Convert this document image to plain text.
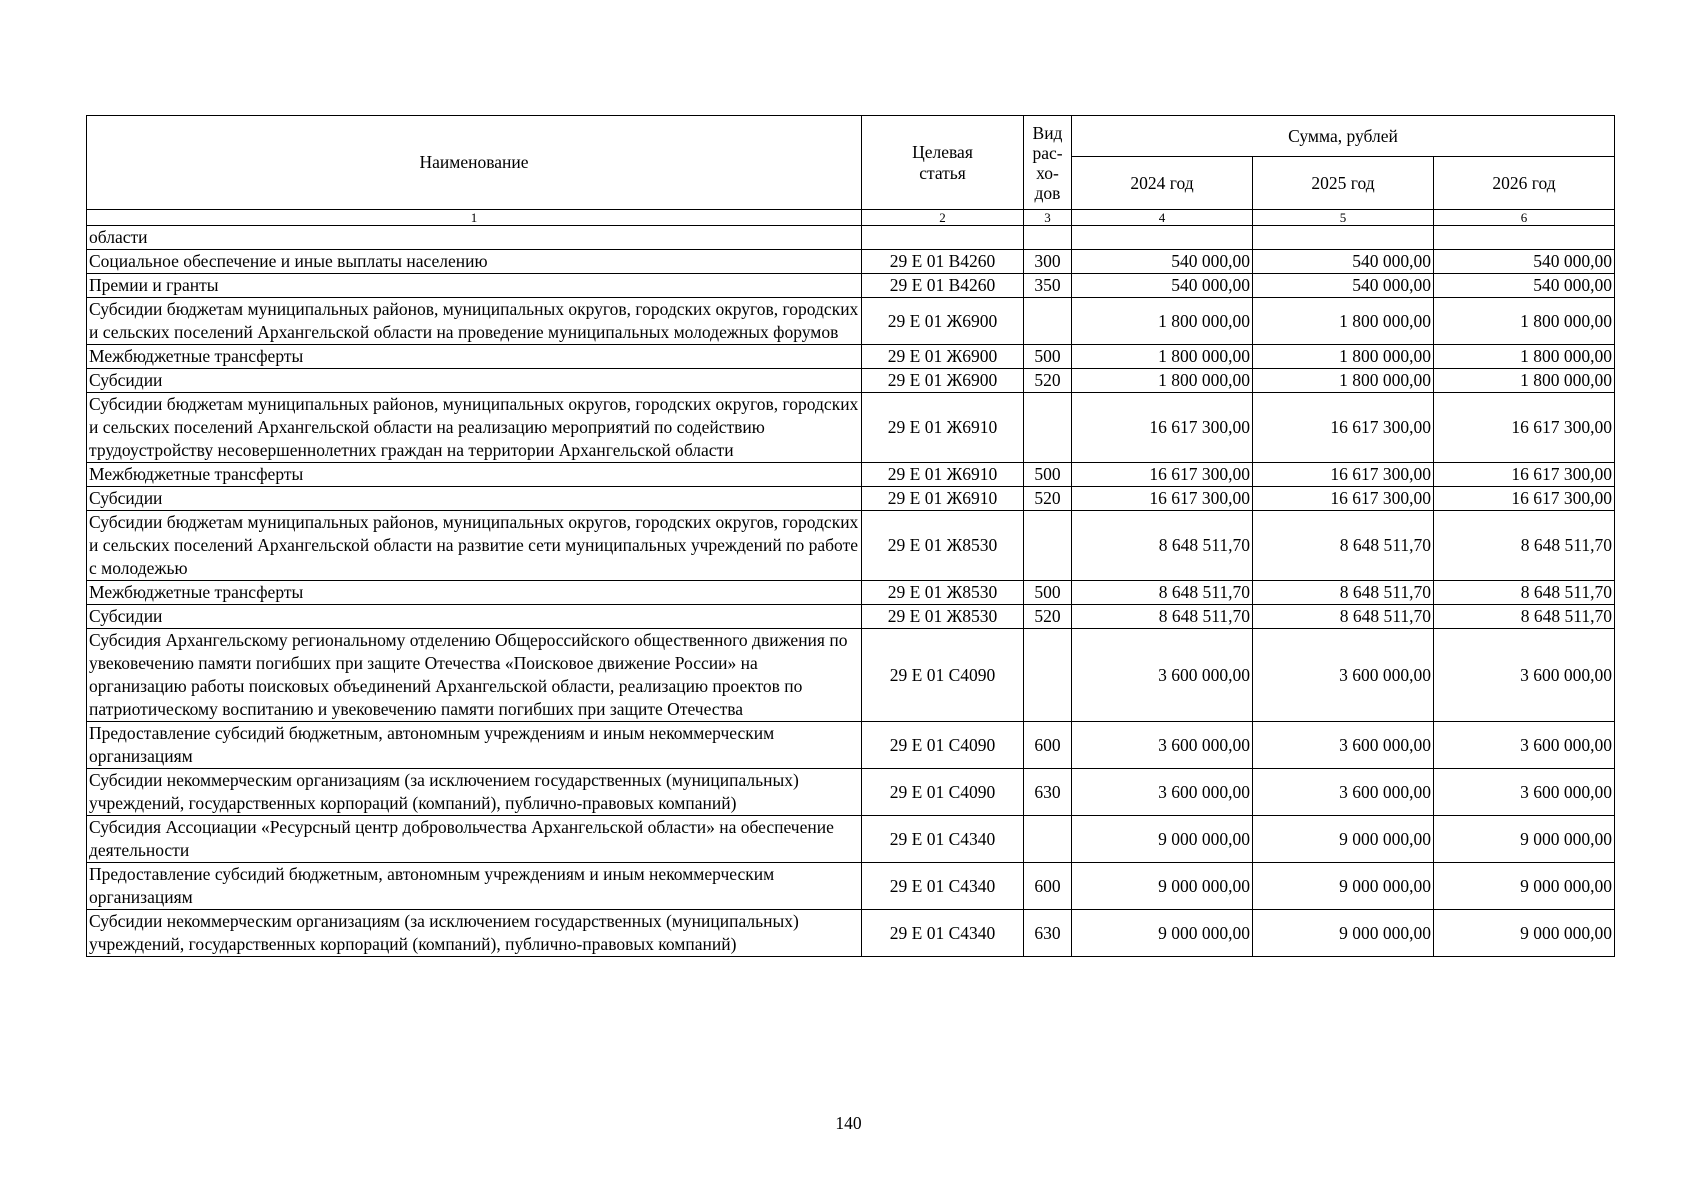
Наименование	Целевая статья	Вид рас-хо-дов	Сумма, рублей		
			2024 год	2025 год	2026 год
1	2	3	4	5	6
области					
Социальное обеспечение и иные выплаты населению	29 Е 01 В4260	300	540 000,00	540 000,00	540 000,00
Премии и гранты	29 Е 01 В4260	350	540 000,00	540 000,00	540 000,00
Субсидии бюджетам муниципальных районов, муниципальных округов, городских округов, городских и сельских поселений Архангельской области на проведение муниципальных молодежных форумов	29 Е 01 Ж6900		1 800 000,00	1 800 000,00	1 800 000,00
Межбюджетные трансферты	29 Е 01 Ж6900	500	1 800 000,00	1 800 000,00	1 800 000,00
Субсидии	29 Е 01 Ж6900	520	1 800 000,00	1 800 000,00	1 800 000,00
Субсидии бюджетам муниципальных районов, муниципальных округов, городских округов, городских и сельских поселений Архангельской области на реализацию мероприятий по содействию трудоустройству несовершеннолетних граждан на территории Архангельской области	29 Е 01 Ж6910		16 617 300,00	16 617 300,00	16 617 300,00
Межбюджетные трансферты	29 Е 01 Ж6910	500	16 617 300,00	16 617 300,00	16 617 300,00
Субсидии	29 Е 01 Ж6910	520	16 617 300,00	16 617 300,00	16 617 300,00
Субсидии бюджетам муниципальных районов, муниципальных округов, городских округов, городских и сельских поселений Архангельской области на развитие сети муниципальных учреждений по работе с молодежью	29 Е 01 Ж8530		8 648 511,70	8 648 511,70	8 648 511,70
Межбюджетные трансферты	29 Е 01 Ж8530	500	8 648 511,70	8 648 511,70	8 648 511,70
Субсидии	29 Е 01 Ж8530	520	8 648 511,70	8 648 511,70	8 648 511,70
Субсидия Архангельскому региональному отделению Общероссийского общественного движения по увековечению памяти погибших при защите Отечества «Поисковое движение России» на организацию работы поисковых объединений Архангельской области, реализацию проектов по патриотическому воспитанию и увековечению памяти погибших при защите Отечества	29 Е 01 С4090		3 600 000,00	3 600 000,00	3 600 000,00
Предоставление субсидий бюджетным, автономным учреждениям и иным некоммерческим организациям	29 Е 01 С4090	600	3 600 000,00	3 600 000,00	3 600 000,00
Субсидии некоммерческим организациям (за исключением государственных (муниципальных) учреждений, государственных корпораций (компаний), публично-правовых компаний)	29 Е 01 С4090	630	3 600 000,00	3 600 000,00	3 600 000,00
Субсидия Ассоциации «Ресурсный центр добровольчества Архангельской области» на обеспечение деятельности	29 Е 01 С4340		9 000 000,00	9 000 000,00	9 000 000,00
Предоставление субсидий бюджетным, автономным учреждениям и иным некоммерческим организациям	29 Е 01 С4340	600	9 000 000,00	9 000 000,00	9 000 000,00
Субсидии некоммерческим организациям (за исключением государственных (муниципальных) учреждений, государственных корпораций (компаний), публично-правовых компаний)	29 Е 01 С4340	630	9 000 000,00	9 000 000,00	9 000 000,00
140
